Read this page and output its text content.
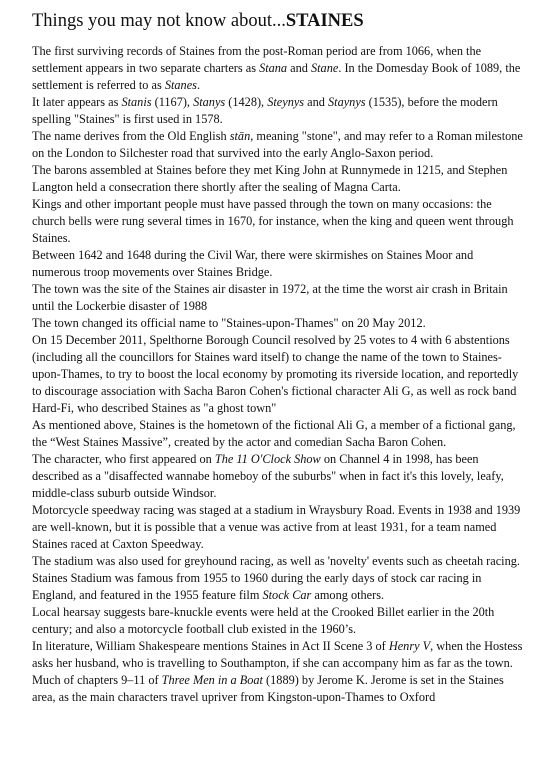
Things you may not know about...STAINES

The first surviving records of Staines from the post-Roman period are from 1066, when the settlement appears in two separate charters as Stana and Stane. In the Domesday Book of 1089, the settlement is referred to as Stanes.

It later appears as Stanis (1167), Stanys (1428), Steynys and Staynys (1535), before the modern spelling "Staines" is first used in 1578.

The name derives from the Old English stān, meaning "stone", and may refer to a Roman milestone on the London to Silchester road that survived into the early Anglo-Saxon period.

The barons assembled at Staines before they met King John at Runnymede in 1215, and Stephen Langton held a consecration there shortly after the sealing of Magna Carta.

Kings and other important people must have passed through the town on many occasions: the church bells were rung several times in 1670, for instance, when the king and queen went through Staines.

Between 1642 and 1648 during the Civil War, there were skirmishes on Staines Moor and numerous troop movements over Staines Bridge.

The town was the site of the Staines air disaster in 1972, at the time the worst air crash in Britain until the Lockerbie disaster of 1988

The town changed its official name to "Staines-upon-Thames" on 20 May 2012.

On 15 December 2011, Spelthorne Borough Council resolved by 25 votes to 4 with 6 abstentions (including all the councillors for Staines ward itself) to change the name of the town to Staines-upon-Thames, to try to boost the local economy by promoting its riverside location, and reportedly to discourage association with Sacha Baron Cohen's fictional character Ali G, as well as rock band Hard-Fi, who described Staines as "a ghost town"

As mentioned above, Staines is the hometown of the fictional Ali G, a member of a fictional gang, the “West Staines Massive”, created by the actor and comedian Sacha Baron Cohen.

The character, who first appeared on The 11 O'Clock Show on Channel 4 in 1998, has been described as a "disaffected wannabe homeboy of the suburbs" when in fact it's this lovely, leafy, middle-class suburb outside Windsor.

Motorcycle speedway racing was staged at a stadium in Wraysbury Road. Events in 1938 and 1939 are well-known, but it is possible that a venue was active from at least 1931, for a team named Staines raced at Caxton Speedway.

The stadium was also used for greyhound racing, as well as 'novelty' events such as cheetah racing.

Staines Stadium was famous from 1955 to 1960 during the early days of stock car racing in England, and featured in the 1955 feature film Stock Car among others.

Local hearsay suggests bare-knuckle events were held at the Crooked Billet earlier in the 20th century; and also a motorcycle football club existed in the 1960’s.

In literature, William Shakespeare mentions Staines in Act II Scene 3 of Henry V, when the Hostess asks her husband, who is travelling to Southampton, if she can accompany him as far as the town. Much of chapters 9–11 of Three Men in a Boat (1889) by Jerome K. Jerome is set in the Staines area, as the main characters travel upriver from Kingston-upon-Thames to Oxford
